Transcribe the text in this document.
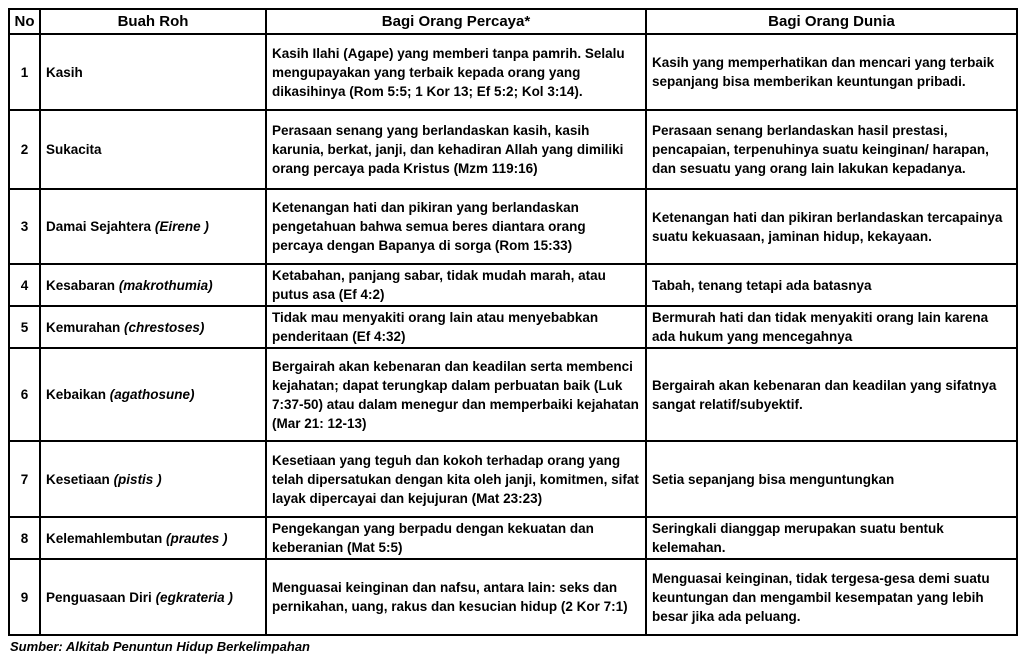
No	Buah Roh	Bagi Orang Percaya*	Bagi Orang Dunia
1	Kasih	Kasih Ilahi (Agape) yang memberi tanpa pamrih. Selalu mengupayakan yang terbaik kepada orang yang dikasihinya (Rom 5:5; 1 Kor 13; Ef 5:2; Kol 3:14).	Kasih yang memperhatikan dan mencari yang terbaik sepanjang bisa memberikan keuntungan pribadi.
2	Sukacita	Perasaan senang yang berlandaskan kasih, kasih karunia, berkat, janji, dan kehadiran Allah yang dimiliki orang percaya pada Kristus (Mzm 119:16)	Perasaan senang berlandaskan hasil prestasi, pencapaian, terpenuhinya suatu keinginan/ harapan, dan sesuatu yang orang lain lakukan kepadanya.
3	Damai Sejahtera (Eirene )	Ketenangan hati dan pikiran yang berlandaskan pengetahuan bahwa semua beres diantara orang percaya dengan Bapanya di sorga (Rom 15:33)	Ketenangan hati dan pikiran berlandaskan tercapainya suatu kekuasaan, jaminan hidup, kekayaan.
4	Kesabaran (makrothumia)	Ketabahan, panjang sabar, tidak mudah marah, atau putus asa (Ef 4:2)	Tabah, tenang tetapi ada batasnya
5	Kemurahan (chrestoses)	Tidak mau menyakiti orang lain atau menyebabkan penderitaan (Ef 4:32)	Bermurah hati dan tidak menyakiti orang lain karena ada hukum yang mencegahnya
6	Kebaikan (agathosune)	Bergairah akan kebenaran dan keadilan serta membenci kejahatan; dapat terungkap dalam perbuatan baik (Luk 7:37-50) atau dalam menegur dan memperbaiki kejahatan (Mar 21: 12-13)	Bergairah akan kebenaran dan keadilan yang sifatnya sangat relatif/subyektif.
7	Kesetiaan (pistis )	Kesetiaan yang teguh dan kokoh terhadap orang yang telah dipersatukan dengan kita oleh janji, komitmen, sifat layak dipercayai dan kejujuran (Mat 23:23)	Setia sepanjang bisa menguntungkan
8	Kelemahlembutan (prautes )	Pengekangan yang berpadu dengan kekuatan dan keberanian (Mat 5:5)	Seringkali dianggap merupakan suatu bentuk kelemahan.
9	Penguasaan Diri (egkrateria )	Menguasai keinginan dan nafsu, antara lain: seks dan pernikahan, uang, rakus dan kesucian hidup (2 Kor 7:1)	Menguasai keinginan, tidak tergesa-gesa demi suatu keuntungan dan mengambil kesempatan yang lebih besar jika ada peluang.
Sumber: Alkitab Penuntun Hidup Berkelimpahan
